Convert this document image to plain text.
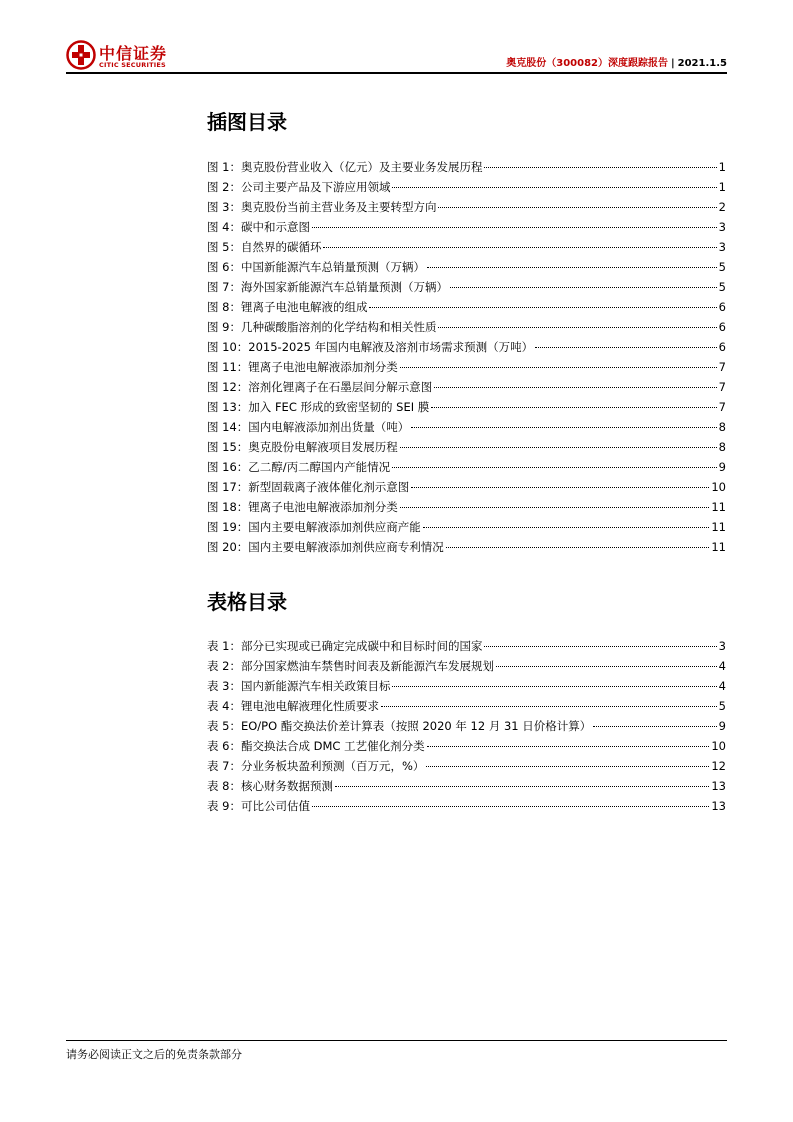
中信证券
CITIC SECURITIES	奥克股份（300082）深度跟踪报告 | 2021.1.5
插图目录
图 1：奥克股份营业收入（亿元）及主要业务发展历程	1
图 2：公司主要产品及下游应用领域	1
图 3：奥克股份当前主营业务及主要转型方向	2
图 4：碳中和示意图	3
图 5：自然界的碳循环	3
图 6：中国新能源汽车总销量预测（万辆）	5
图 7：海外国家新能源汽车总销量预测（万辆）	5
图 8：锂离子电池电解液的组成	6
图 9：几种碳酸脂溶剂的化学结构和相关性质	6
图 10：2015-2025 年国内电解液及溶剂市场需求预测（万吨）	6
图 11：锂离子电池电解液添加剂分类	7
图 12：溶剂化锂离子在石墨层间分解示意图	7
图 13：加入 FEC 形成的致密坚韧的 SEI 膜	7
图 14：国内电解液添加剂出货量（吨）	8
图 15：奥克股份电解液项目发展历程	8
图 16：乙二醇/丙二醇国内产能情况	9
图 17：新型固载离子液体催化剂示意图	10
图 18：锂离子电池电解液添加剂分类	11
图 19：国内主要电解液添加剂供应商产能	11
图 20：国内主要电解液添加剂供应商专利情况	11
表格目录
表 1：部分已实现或已确定完成碳中和目标时间的国家	3
表 2：部分国家燃油车禁售时间表及新能源汽车发展规划	4
表 3：国内新能源汽车相关政策目标	4
表 4：锂电池电解液理化性质要求	5
表 5：EO/PO 酯交换法价差计算表（按照 2020 年 12 月 31 日价格计算）	9
表 6：酯交换法合成 DMC 工艺催化剂分类	10
表 7：分业务板块盈利预测（百万元，%）	12
表 8：核心财务数据预测	13
表 9：可比公司估值	13
请务必阅读正文之后的免责条款部分
